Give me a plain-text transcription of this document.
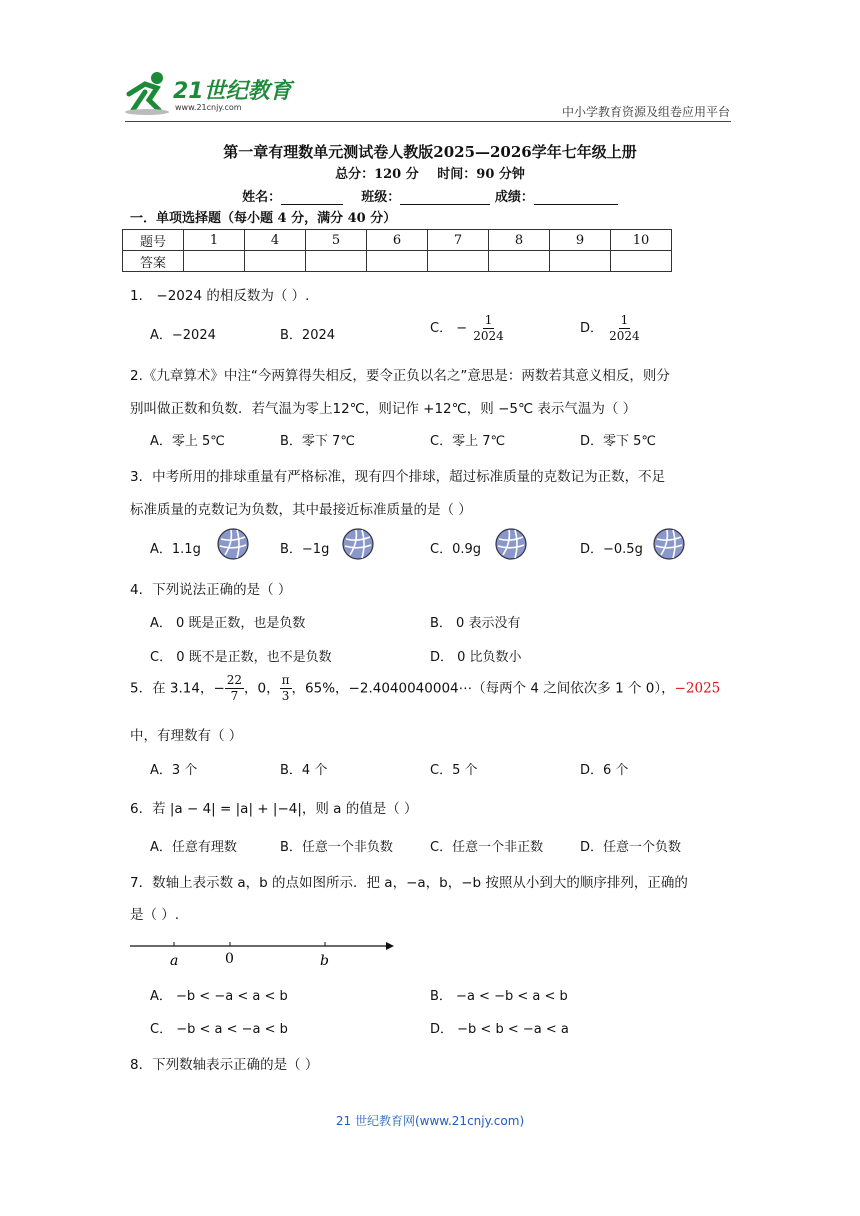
21世纪教育
www.21cnjy.com	中小学教育资源及组卷应用平台
第一章有理数单元测试卷人教版2025—2026学年七年级上册
总分：120 分 时间：90 分钟
姓名：	班级：	成绩：
一．单项选择题（每小题 4 分，满分 40 分）
题号	1	4	5	6	7	8	9	10
答案								
1． −2024 的相反数为（ ）.
A．−2024	B．2024	C． − $\frac{1}{2024}$	D． $\frac{1}{2024}$
2.《九章算术》中注“今两算得失相反，要令正负以名之”意思是：两数若其意义相反，则分
别叫做正数和负数．若气温为零上12℃，则记作 +12℃，则 −5℃ 表示气温为（ ）
A．零上 5℃	B．零下 7℃	C．零上 7℃	D．零下 5℃
3．中考所用的排球重量有严格标准，现有四个排球，超过标准质量的克数记为正数，不足
标准质量的克数记为负数，其中最接近标准质量的是（ ）
A．1.1g	B．−1g	C．0.9g	D．−0.5g
4．下列说法正确的是（ ）
A． 0 既是正数，也是负数	B． 0 表示没有
C． 0 既不是正数，也不是负数	D． 0 比负数小
5．在 3.14，− $\frac{22}{7}$ ，0， $\frac{\pi}{3}$ ，65%，−2.4040040004⋯（每两个 4 之间依次多 1 个 0），−2025
中，有理数有（ ）
A．3 个	B．4 个	C．5 个	D．6 个
6．若 |a − 4| = |a| + |−4|，则 a 的值是（ ）
A．任意有理数	B．任意一个非负数	C．任意一个非正数	D．任意一个负数
7．数轴上表示数 a，b 的点如图所示．把 a，−a，b，−b 按照从小到大的顺序排列，正确的
是（ ）.
a	0	b
A． −b < −a < a < b	B． −a < −b < a < b
C． −b < a < −a < b	D． −b < b < −a < a
8．下列数轴表示正确的是（ ）
21 世纪教育网(www.21cnjy.com)
